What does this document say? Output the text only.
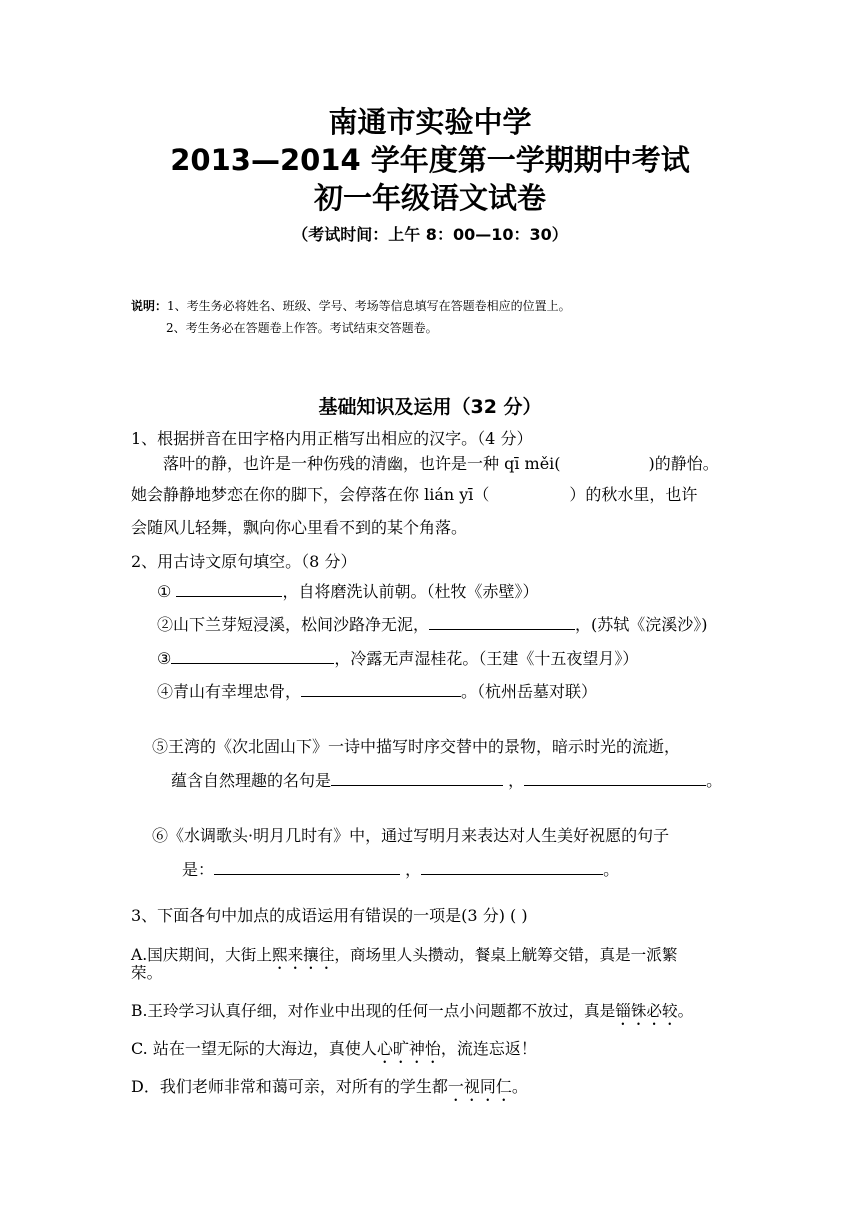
南通市实验中学
2013—2014 学年度第一学期期中考试
初一年级语文试卷
（考试时间：上午 8：00—10：30）
说明：1、考生务必将姓名、班级、学号、考场等信息填写在答题卷相应的位置上。
2、考生务必在答题卷上作答。考试结束交答题卷。
基础知识及运用（32 分）
1、根据拼音在田字格内用正楷写出相应的汉字。（4 分）
落叶的静，也许是一种伤残的清幽，也许是一种 qī měi(	)的静怡。
她会静静地梦恋在你的脚下，会停落在你 lián yī（	）的秋水里，也许
会随风儿轻舞，飘向你心里看不到的某个角落。
2、用古诗文原句填空。（8 分）
①	，自将磨洗认前朝。（杜牧《赤壁》）
②山下兰芽短浸溪，松间沙路净无泥，	，(苏轼《浣溪沙》)
③	，冷露无声湿桂花。（王建《十五夜望月》）
④青山有幸埋忠骨，	。（杭州岳墓对联）
⑤王湾的《次北固山下》一诗中描写时序交替中的景物，暗示时光的流逝，
蕴含自然理趣的名句是	，	。
⑥《水调歌头·明月几时有》中，通过写明月来表达对人生美好祝愿的句子
是：	，	。
3、下面各句中加点的成语运用有错误的一项是(3 分) ( )
A.国庆期间，大街上熙来攘往，商场里人头攒动，餐桌上觥筹交错，真是一派繁
荣。
B.王玲学习认真仔细，对作业中出现的任何一点小问题都不放过，真是锱铢必较。
C. 站在一望无际的大海边，真使人心旷神怡，流连忘返！
D．我们老师非常和蔼可亲，对所有的学生都一视同仁。
